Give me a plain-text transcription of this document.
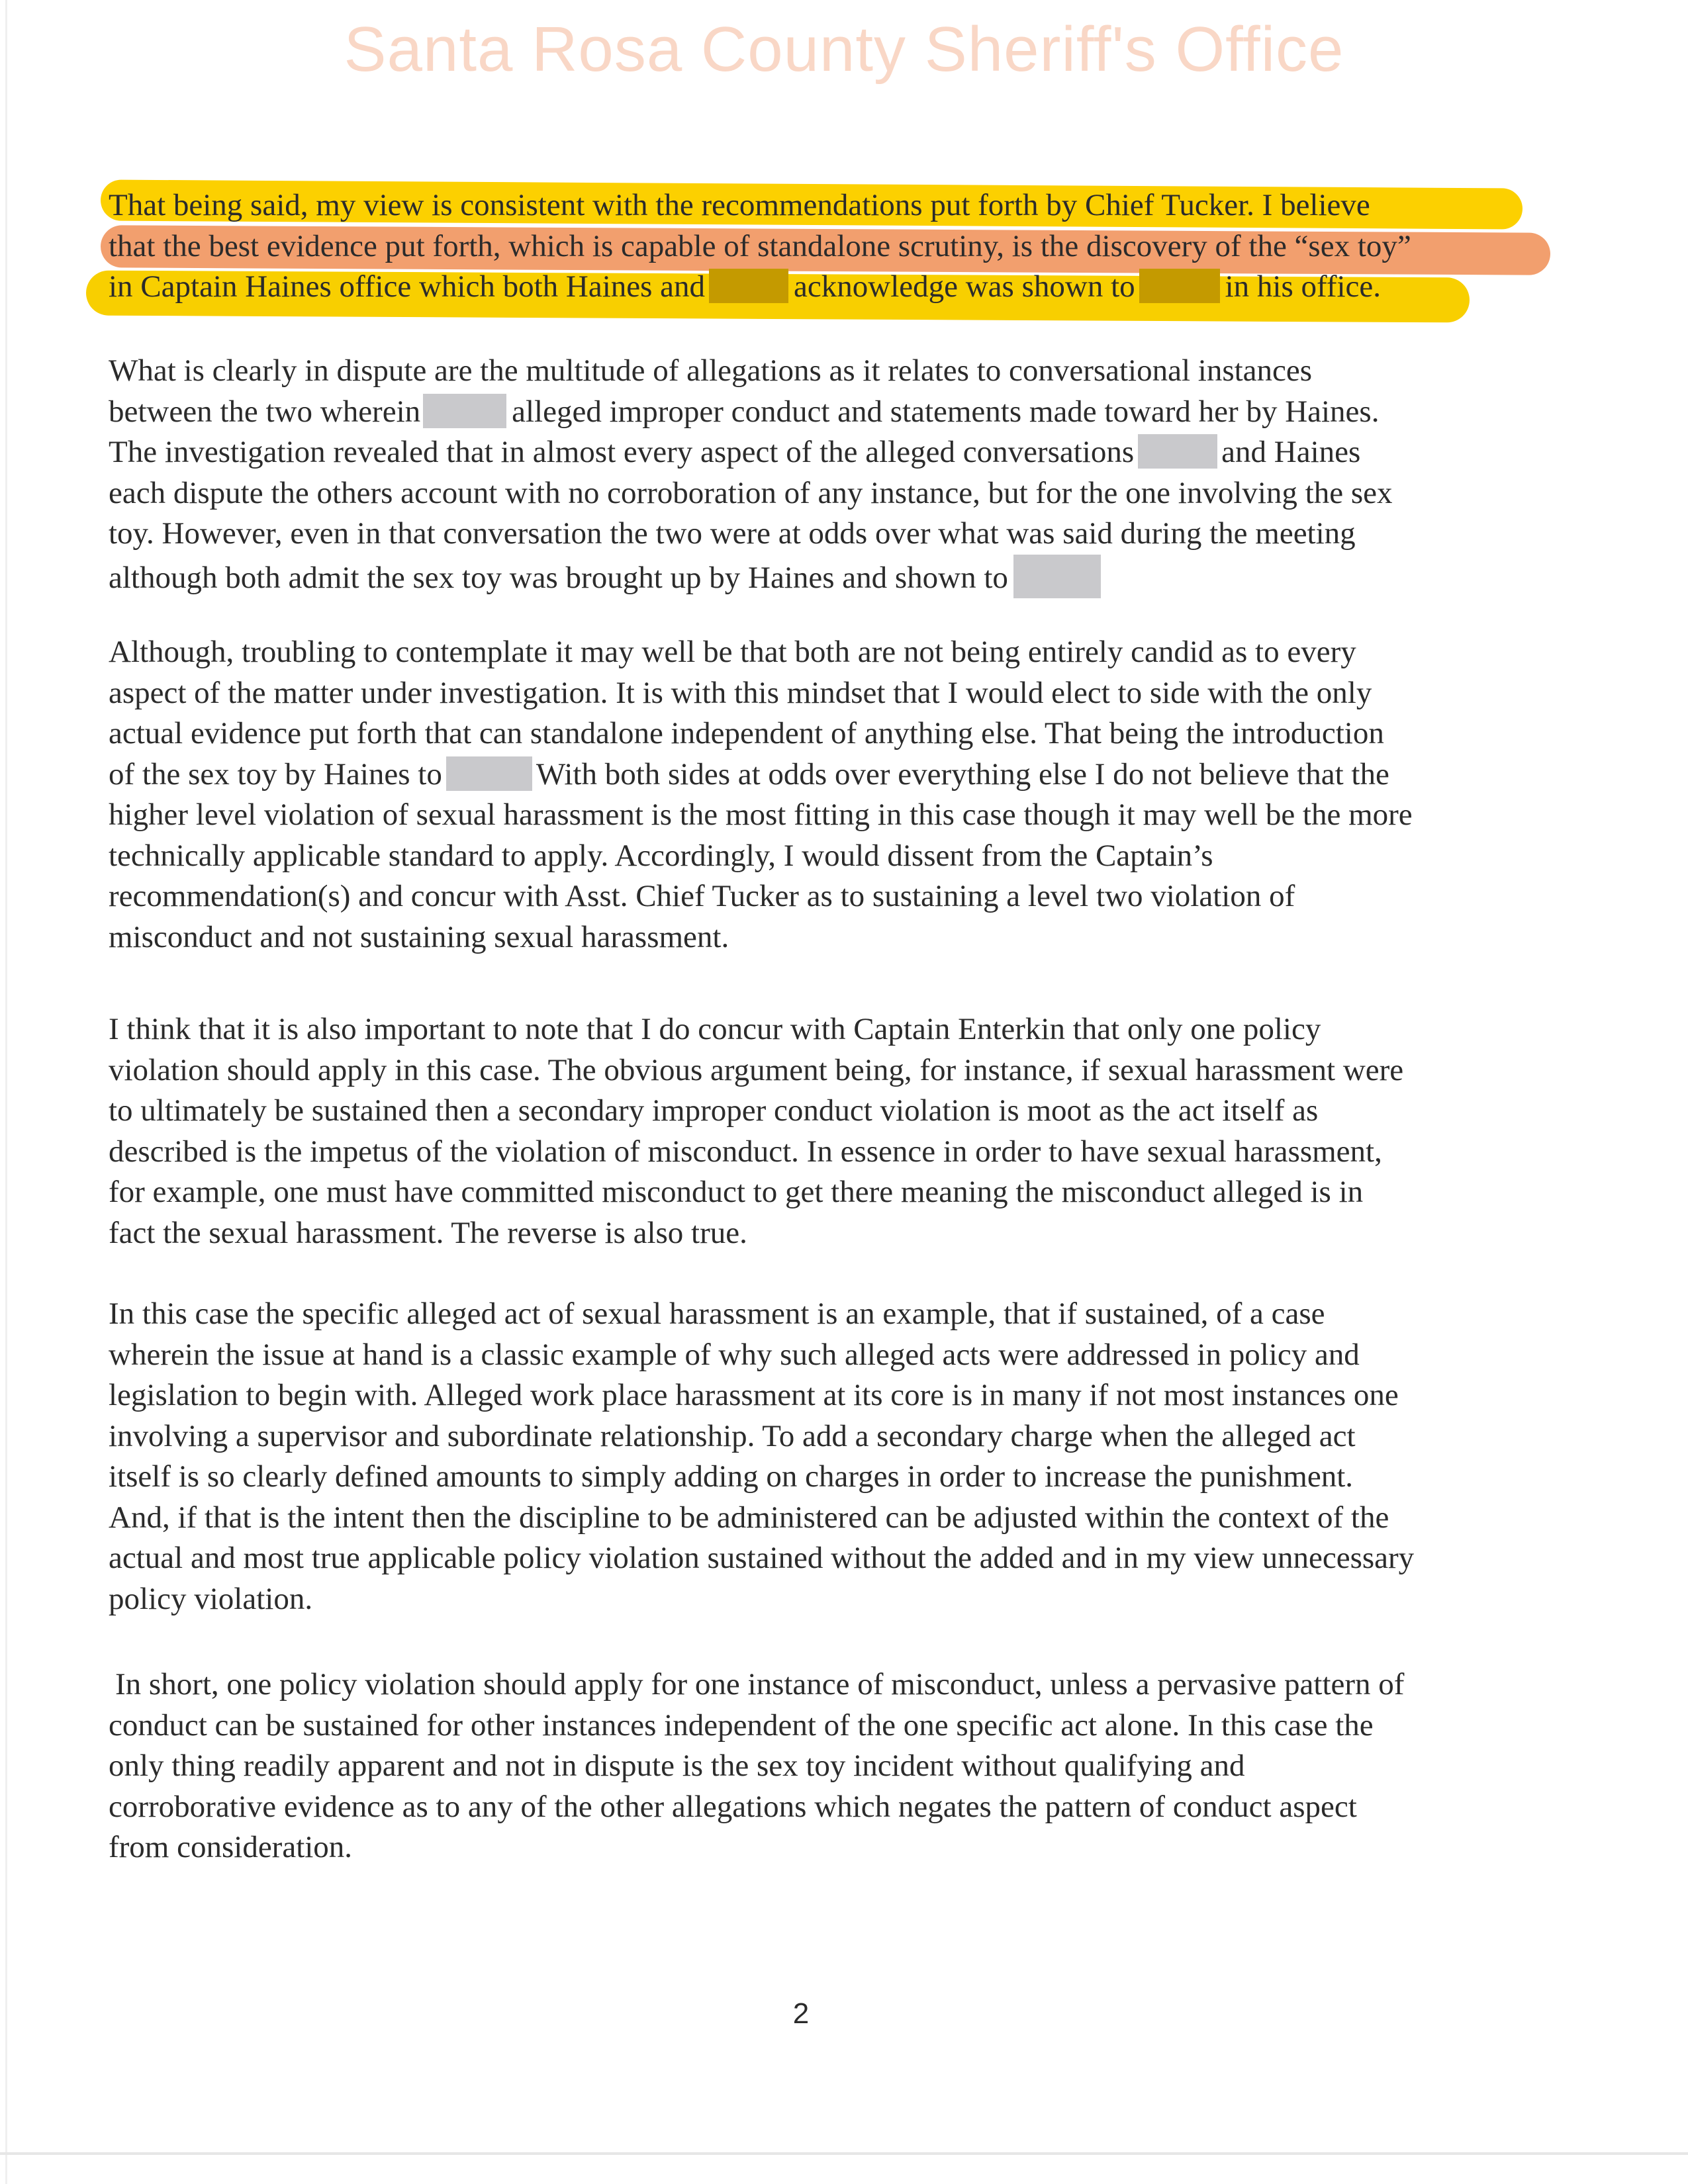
Santa Rosa County Sheriff's Office
That being said, my view is consistent with the recommendations put forth by Chief Tucker. I believe
that the best evidence put forth, which is capable of standalone scrutiny, is the discovery of the “sex toy”
in Captain Haines office which both Haines and	acknowledge was shown to	in his office.
What is clearly in dispute are the multitude of allegations as it relates to conversational instances
between the two wherein	alleged improper conduct and statements made toward her by Haines.
The investigation revealed that in almost every aspect of the alleged conversations	and Haines
each dispute the others account with no corroboration of any instance, but for the one involving the sex
toy. However, even in that conversation the two were at odds over what was said during the meeting
although both admit the sex toy was brought up by Haines and shown to
Although, troubling to contemplate it may well be that both are not being entirely candid as to every
aspect of the matter under investigation. It is with this mindset that I would elect to side with the only
actual evidence put forth that can standalone independent of anything else. That being the introduction
of the sex toy by Haines to	With both sides at odds over everything else I do not believe that the
higher level violation of sexual harassment is the most fitting in this case though it may well be the more
technically applicable standard to apply. Accordingly, I would dissent from the Captain’s
recommendation(s) and concur with Asst. Chief Tucker as to sustaining a level two violation of
misconduct and not sustaining sexual harassment.
I think that it is also important to note that I do concur with Captain Enterkin that only one policy
violation should apply in this case. The obvious argument being, for instance, if sexual harassment were
to ultimately be sustained then a secondary improper conduct violation is moot as the act itself as
described is the impetus of the violation of misconduct. In essence in order to have sexual harassment,
for example, one must have committed misconduct to get there meaning the misconduct alleged is in
fact the sexual harassment. The reverse is also true.
In this case the specific alleged act of sexual harassment is an example, that if sustained, of a case
wherein the issue at hand is a classic example of why such alleged acts were addressed in policy and
legislation to begin with. Alleged work place harassment at its core is in many if not most instances one
involving a supervisor and subordinate relationship. To add a secondary charge when the alleged act
itself is so clearly defined amounts to simply adding on charges in order to increase the punishment.
And, if that is the intent then the discipline to be administered can be adjusted within the context of the
actual and most true applicable policy violation sustained without the added and in my view unnecessary
policy violation.
In short, one policy violation should apply for one instance of misconduct, unless a pervasive pattern of
conduct can be sustained for other instances independent of the one specific act alone. In this case the
only thing readily apparent and not in dispute is the sex toy incident without qualifying and
corroborative evidence as to any of the other allegations which negates the pattern of conduct aspect
from consideration.
2
